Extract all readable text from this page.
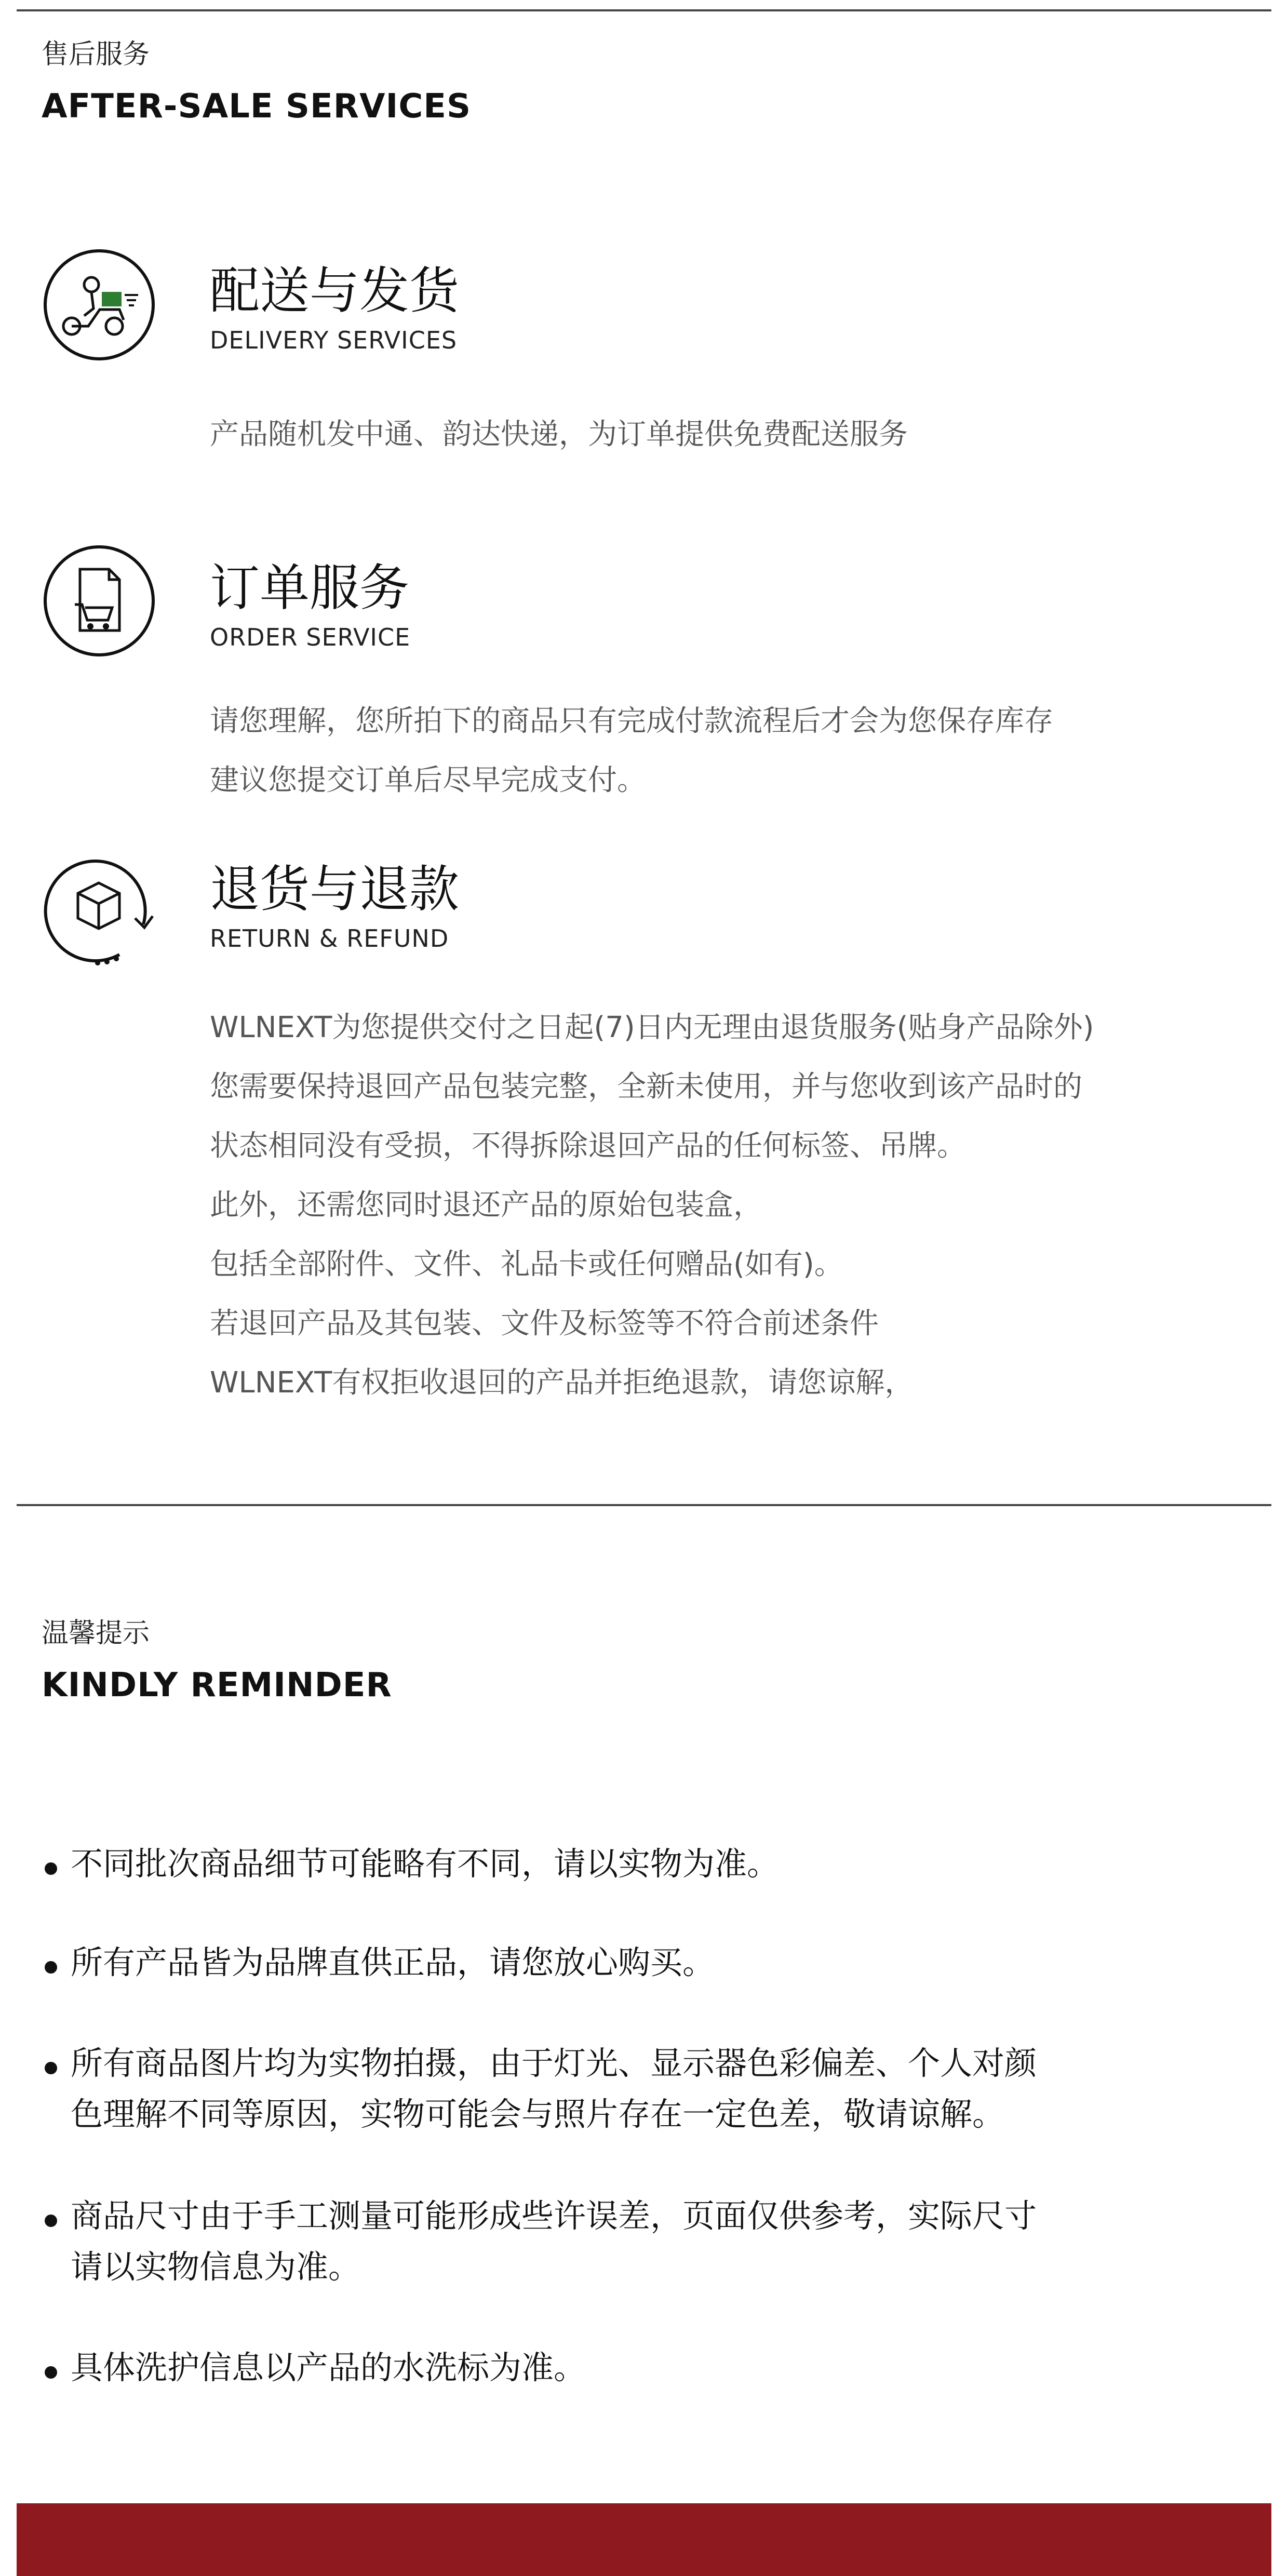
售后服务
AFTER-SALE SERVICES
配送与发货
DELIVERY SERVICES
产品随机发中通、韵达快递，为订单提供免费配送服务
订单服务
ORDER SERVICE
请您理解，您所拍下的商品只有完成付款流程后才会为您保存库存
建议您提交订单后尽早完成支付。
退货与退款
RETURN & REFUND
WLNEXT为您提供交付之日起(7)日内无理由退货服务(贴身产品除外)
您需要保持退回产品包装完整，全新未使用，并与您收到该产品时的
状态相同没有受损，不得拆除退回产品的任何标签、吊牌。
此外，还需您同时退还产品的原始包装盒，
包括全部附件、文件、礼品卡或任何赠品(如有)。
若退回产品及其包装、文件及标签等不符合前述条件
WLNEXT有权拒收退回的产品并拒绝退款，请您谅解，
温馨提示
KINDLY REMINDER
不同批次商品细节可能略有不同，请以实物为准。
所有产品皆为品牌直供正品，请您放心购买。
所有商品图片均为实物拍摄，由于灯光、显示器色彩偏差、个人对颜
色理解不同等原因，实物可能会与照片存在一定色差，敬请谅解。
商品尺寸由于手工测量可能形成些许误差，页面仅供参考，实际尺寸
请以实物信息为准。
具体洗护信息以产品的水洗标为准。
